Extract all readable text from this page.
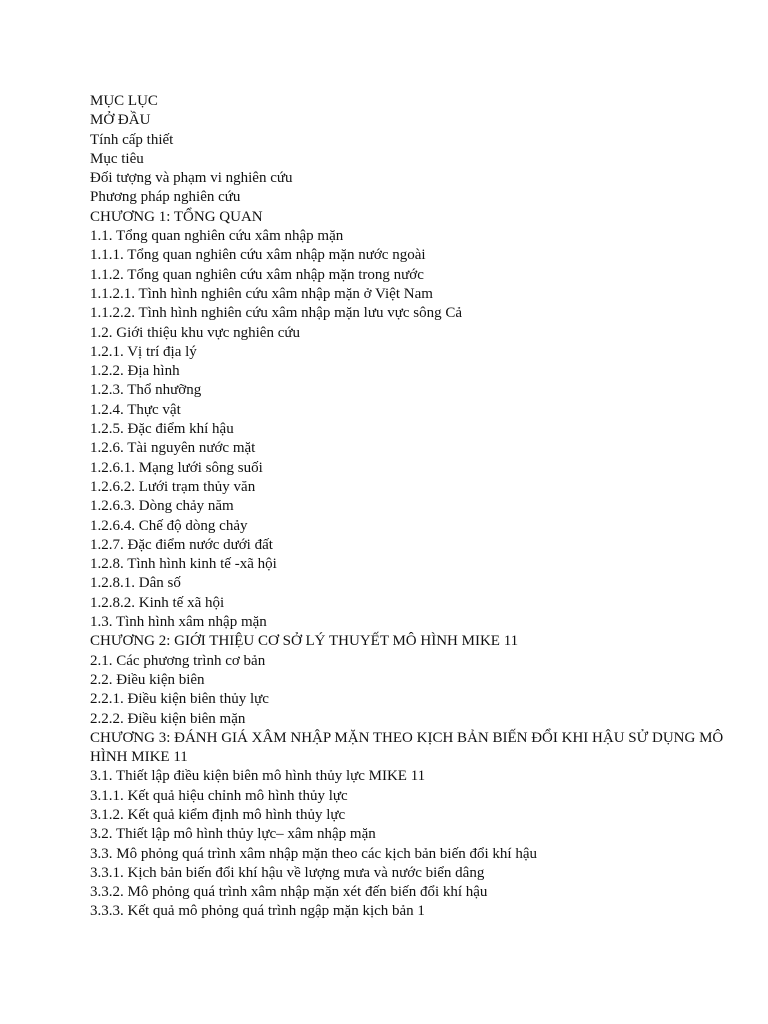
MỤC LỤC
MỞ ĐẦU
Tính cấp thiết
Mục tiêu
Đối tượng và phạm vi nghiên cứu
Phương pháp nghiên cứu
CHƯƠNG 1: TỔNG QUAN
1.1. Tổng quan nghiên cứu xâm nhập mặn
1.1.1. Tổng quan nghiên cứu xâm nhập mặn nước ngoài
1.1.2. Tổng quan nghiên cứu xâm nhập mặn trong nước
1.1.2.1. Tình hình nghiên cứu xâm nhập mặn ở Việt Nam
1.1.2.2. Tình hình nghiên cứu xâm nhập mặn lưu vực sông Cả
1.2. Giới thiệu khu vực nghiên cứu
1.2.1. Vị trí địa lý
1.2.2. Địa hình
1.2.3. Thổ nhưỡng
1.2.4. Thực vật
1.2.5. Đặc điểm khí hậu
1.2.6. Tài nguyên nước mặt
1.2.6.1. Mạng lưới sông suối
1.2.6.2. Lưới trạm thủy văn
1.2.6.3. Dòng chảy năm
1.2.6.4. Chế độ dòng chảy
1.2.7. Đặc điểm nước dưới đất
1.2.8. Tình hình kinh tế -xã hội
1.2.8.1. Dân số
1.2.8.2. Kinh tế xã hội
1.3. Tình hình xâm nhập mặn
CHƯƠNG 2: GIỚI THIỆU CƠ SỞ LÝ THUYẾT MÔ HÌNH MIKE 11
2.1. Các phương trình cơ bản
2.2. Điều kiện biên
2.2.1. Điều kiện biên thủy lực
2.2.2. Điều kiện biên mặn
CHƯƠNG 3: ĐÁNH GIÁ XÂM NHẬP MẶN THEO KỊCH BẢN BIẾN ĐỔI KHI HẬU SỬ DỤNG MÔ HÌNH MIKE 11
3.1. Thiết lập điều kiện biên mô hình thủy lực MIKE 11
3.1.1. Kết quả hiệu chỉnh mô hình thủy lực
3.1.2. Kết quả kiểm định mô hình thủy lực
3.2. Thiết lập mô hình thủy lực– xâm nhập mặn
3.3. Mô phỏng quá trình xâm nhập mặn theo các kịch bản biến đổi khí hậu
3.3.1. Kịch bản biến đổi khí hậu về lượng mưa và nước biển dâng
3.3.2. Mô phỏng quá trình xâm nhập mặn xét đến biến đổi khí hậu
3.3.3. Kết quả mô phỏng quá trình ngập mặn kịch bản 1
